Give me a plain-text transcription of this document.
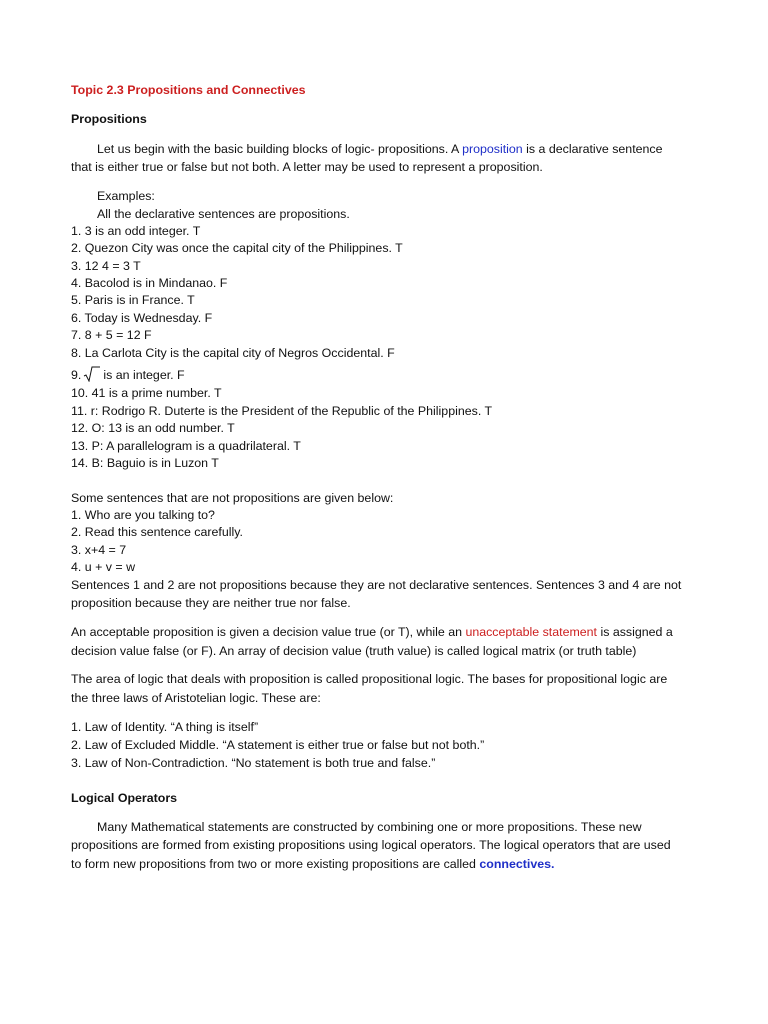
Topic 2.3 Propositions and Connectives
Propositions
Let us begin with the basic building blocks of logic- propositions. A proposition is a declarative sentence
that is either true or false but not both. A letter may be used to represent a proposition.
Examples:
All the declarative sentences are propositions.
1. 3 is an odd integer. T
2. Quezon City was once the capital city of the Philippines. T
3. 12 4 = 3 T
4. Bacolod is in Mindanao. F
5. Paris is in France. T
6. Today is Wednesday. F
7. 8 + 5 = 12 F
8. La Carlota City is the capital city of Negros Occidental. F
9. is an integer. F
10. 41 is a prime number. T
11. r: Rodrigo R. Duterte is the President of the Republic of the Philippines. T
12. O: 13 is an odd number. T
13. P: A parallelogram is a quadrilateral. T
14. B: Baguio is in Luzon T
Some sentences that are not propositions are given below:
1. Who are you talking to?
2. Read this sentence carefully.
3. x+4 = 7
4. u + v = w
Sentences 1 and 2 are not propositions because they are not declarative sentences. Sentences 3 and 4 are not
proposition because they are neither true nor false.
An acceptable proposition is given a decision value true (or T), while an unacceptable statement is assigned a
decision value false (or F). An array of decision value (truth value) is called logical matrix (or truth table)
The area of logic that deals with proposition is called propositional logic. The bases for propositional logic are
the three laws of Aristotelian logic. These are:
1. Law of Identity. “A thing is itself”
2. Law of Excluded Middle. “A statement is either true or false but not both.”
3. Law of Non-Contradiction. “No statement is both true and false.”
Logical Operators
Many Mathematical statements are constructed by combining one or more propositions. These new
propositions are formed from existing propositions using logical operators. The logical operators that are used
to form new propositions from two or more existing propositions are called connectives.
